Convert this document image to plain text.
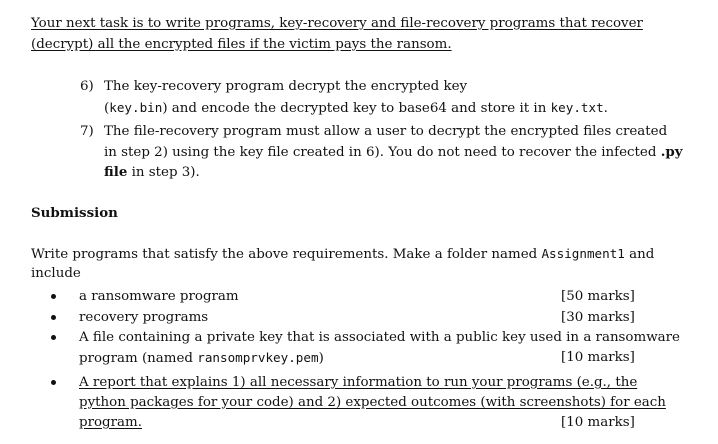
Your next task is to write programs, key-recovery and file-recovery programs that recover
(decrypt) all the encrypted files if the victim pays the ransom.
6) The key-recovery program decrypt the encrypted key
(key.bin) and encode the decrypted key to base64 and store it in key.txt.
7) The file-recovery program must allow a user to decrypt the encrypted files created
in step 2) using the key file created in 6). You do not need to recover the infected .py
file in step 3).
Submission
Write programs that satisfy the above requirements. Make a folder named Assignment1 and
include
a ransomware program	[50 marks]
recovery programs	[30 marks]
A file containing a private key that is associated with a public key used in a ransomware
program (named ransomprvkey.pem)	[10 marks]
A report that explains 1) all necessary information to run your programs (e.g., the
python packages for your code) and 2) expected outcomes (with screenshots) for each
program.	[10 marks]
